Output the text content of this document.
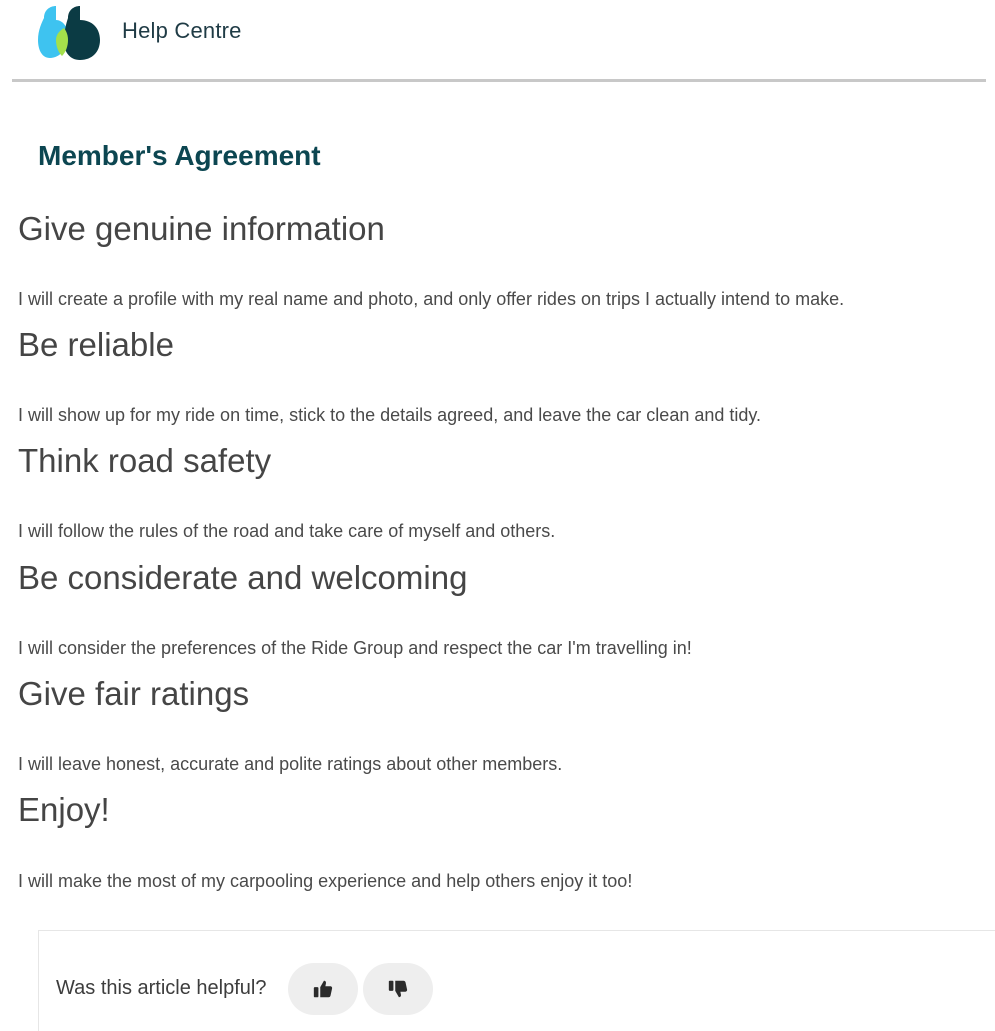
Help Centre
Member's Agreement
Give genuine information

I will create a profile with my real name and photo, and only offer rides on trips I actually intend to make.

Be reliable

I will show up for my ride on time, stick to the details agreed, and leave the car clean and tidy.

Think road safety

I will follow the rules of the road and take care of myself and others.

Be considerate and welcoming

I will consider the preferences of the Ride Group and respect the car I'm travelling in!

Give fair ratings

I will leave honest, accurate and polite ratings about other members.

Enjoy!

I will make the most of my carpooling experience and help others enjoy it too!

Was this article helpful?
